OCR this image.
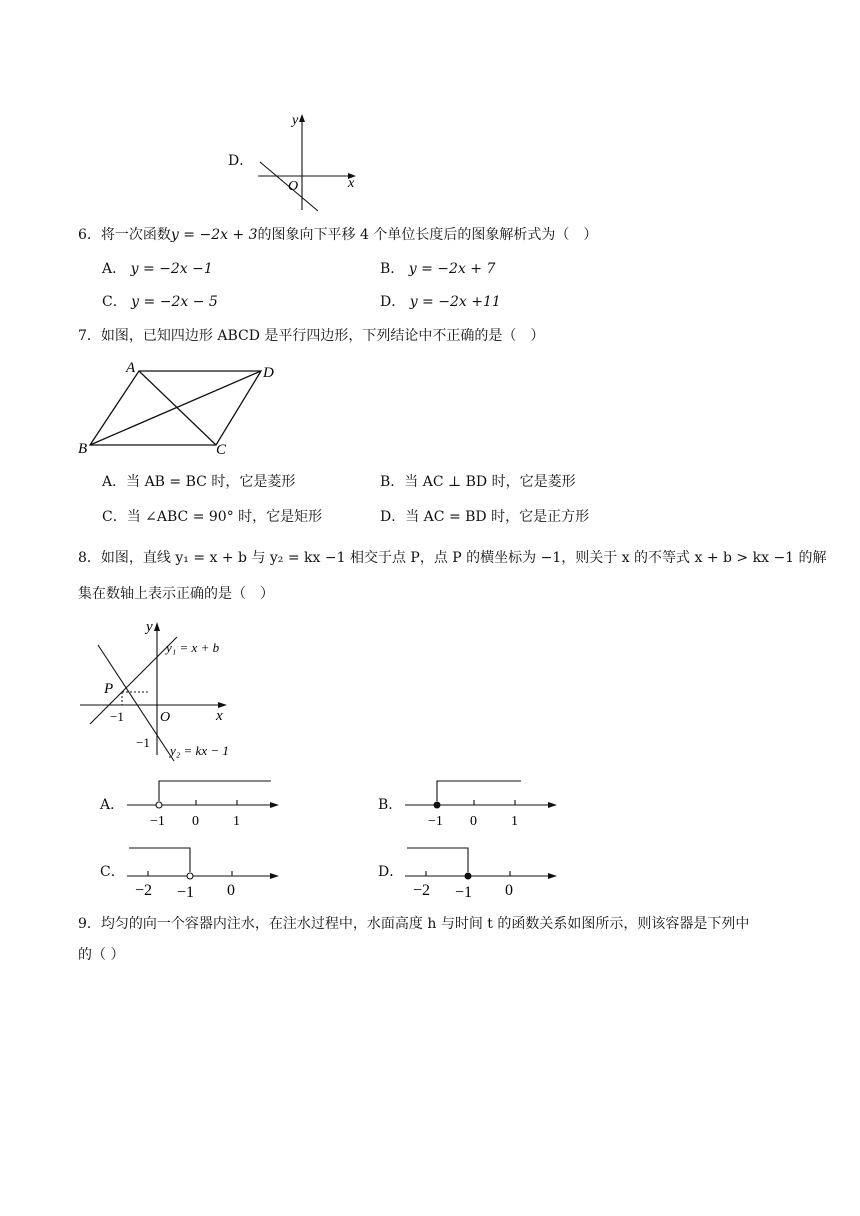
D．
y
x
O
6．将一次函数y = −2x + 3的图象向下平移 4 个单位长度后的图象解析式为（　）
A． y = −2x −1	B． y = −2x + 7
C． y = −2x − 5	D． y = −2x +11
7．如图，已知四边形 ABCD 是平行四边形，下列结论中不正确的是（　）
A
B	C
D
A．当 AB = BC 时，它是菱形	B．当 AC ⊥ BD 时，它是菱形
C．当 ∠ABC = 90° 时，它是矩形	D．当 AC = BD 时，它是正方形
8．如图，直线 y₁ = x + b 与 y₂ = kx −1 相交于点 P，点 P 的横坐标为 −1，则关于 x 的不等式 x + b > kx −1 的解
集在数轴上表示正确的是（　）
y
x
O
P
−1
−1
y₁ = x + b
y₂ = kx − 1
A．
−1 0 1
B．
−1 0 1
C．
−2 −1 0
D．
−2 −1 0
9．均匀的向一个容器内注水，在注水过程中，水面高度 h 与时间 t 的函数关系如图所示，则该容器是下列中
的（ ）
